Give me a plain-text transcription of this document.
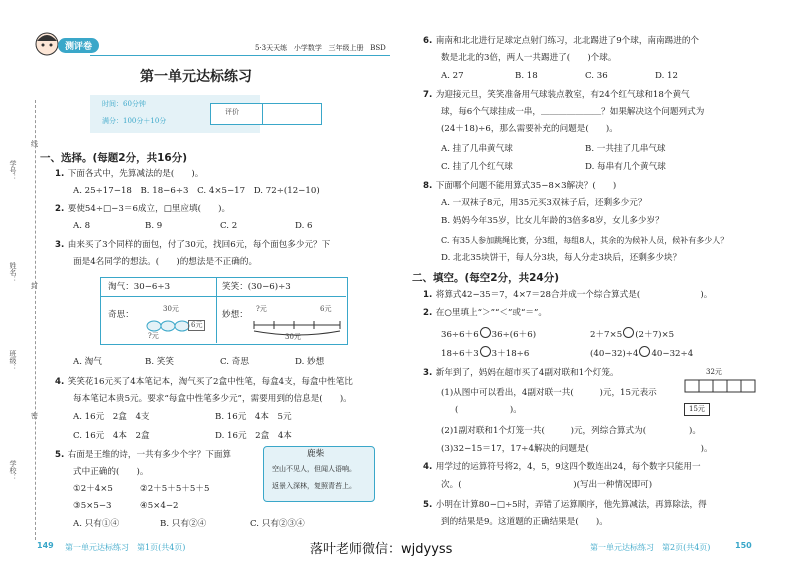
测评卷	5·3天天练 小学数学 三年级上册 BSD
第一单元达标练习
时间：60分钟
满分：100分＋10分
评价
学号：
姓名：
班级：
学校：
线
封
密
一、选择。(每题2分，共16分)
1. 下面各式中，先算减法的是(　　)。
A. 25÷17−18　B. 18−6÷3　C. 4×5−17　D. 72÷(12−10)
2. 要使54÷□−3＝6成立，□里应填(　　)。
A. 8	B. 9	C. 2	D. 6
3. 由来买了3个同样的面包，付了30元，找回6元，每个面包多少元？下
面是4名同学的想法。(　　)的想法是不正确的。
淘气：30−6÷3	笑笑：(30−6)÷3
奇思：
30元
6元
?元
妙想：
?元	6元
30元
A. 淘气	B. 笑笑	C. 奇思	D. 妙想
4. 笑笑花16元买了4本笔记本，淘气买了2盒中性笔，每盒4支，每盒中性笔比
每本笔记本贵5元。要求“每盒中性笔多少元”，需要用到的信息是(　　)。
A. 16元　2盒　4支	B. 16元　4本　5元
C. 16元　4本　2盒	D. 16元　2盒　4本
5. 右面是王维的诗，一共有多少个字？下面算
式中正确的(　　)。
①2＋4×5	②2＋5＋5＋5＋5
③5×5−3	④5×4−2
鹿柴
空山不见人，但闻人语响。
返景入深林，复照青苔上。
A. 只有①④	B. 只有②④	C. 只有②③④
6. 南南和北北进行足球定点射门练习，北北踢进了9个球，南南踢进的个
数是北北的3倍，两人一共踢进了(　　)个球。
A. 27	B. 18	C. 36	D. 12
7. 为迎接元旦，笑笑准备用气球装点教室，有24个红气球和18个黄气
球，每6个气球挂成一串，＿＿＿＿＿＿＿？如果解决这个问题列式为
(24＋18)÷6，那么需要补充的问题是(　　)。
A. 挂了几串黄气球	B. 一共挂了几串气球
C. 挂了几个红气球	D. 每串有几个黄气球
8. 下面哪个问题不能用算式35−8×3解决？(　　)
A. 一双袜子8元，用35元买3双袜子后，还剩多少元？
B. 妈妈今年35岁，比女儿年龄的3倍多8岁，女儿多少岁？
C. 有35人参加跳绳比赛，分3组，每组8人，其余的为候补人员，候补有多少人？
D. 北北35块饼干，每人分3块，每人分走3块后，还剩多少块？
二、填空。(每空2分，共24分)
1. 将算式42−35＝7，4×7＝28合并成一个综合算式是(　　　　　　　)。
2. 在○里填上“＞”“＜”或“＝”。
36÷6＋6 36÷(6＋6)	2＋7×5 (2＋7)×5
18÷6＋3 3＋18÷6	(40−32)÷4 40−32÷4
3. 新年到了，妈妈在超市买了4副对联和1个灯笼。	32元
15元
(1)从图中可以看出，4副对联一共(　　　)元，15元表示
(　　　　　　)。
(2)1副对联和1个灯笼一共(　　　)元，列综合算式为(　　　　　)。
(3)32−15＝17，17÷4解决的问题是(　　　　　　　　　　　　　)。
4. 用学过的运算符号将2，4，5，9这四个数连出24，每个数字只能用一
次。(　　　　　　　　　　　　　)(写出一种情况即可)
5. 小明在计算80−□÷5时，弄错了运算顺序，他先算减法，再算除法，得
到的结果是9。这道题的正确结果是(　　)。
149 第一单元达标练习　第1页(共4页)	落叶老师微信：wjdyyss	第一单元达标练习　第2页(共4页)	150
